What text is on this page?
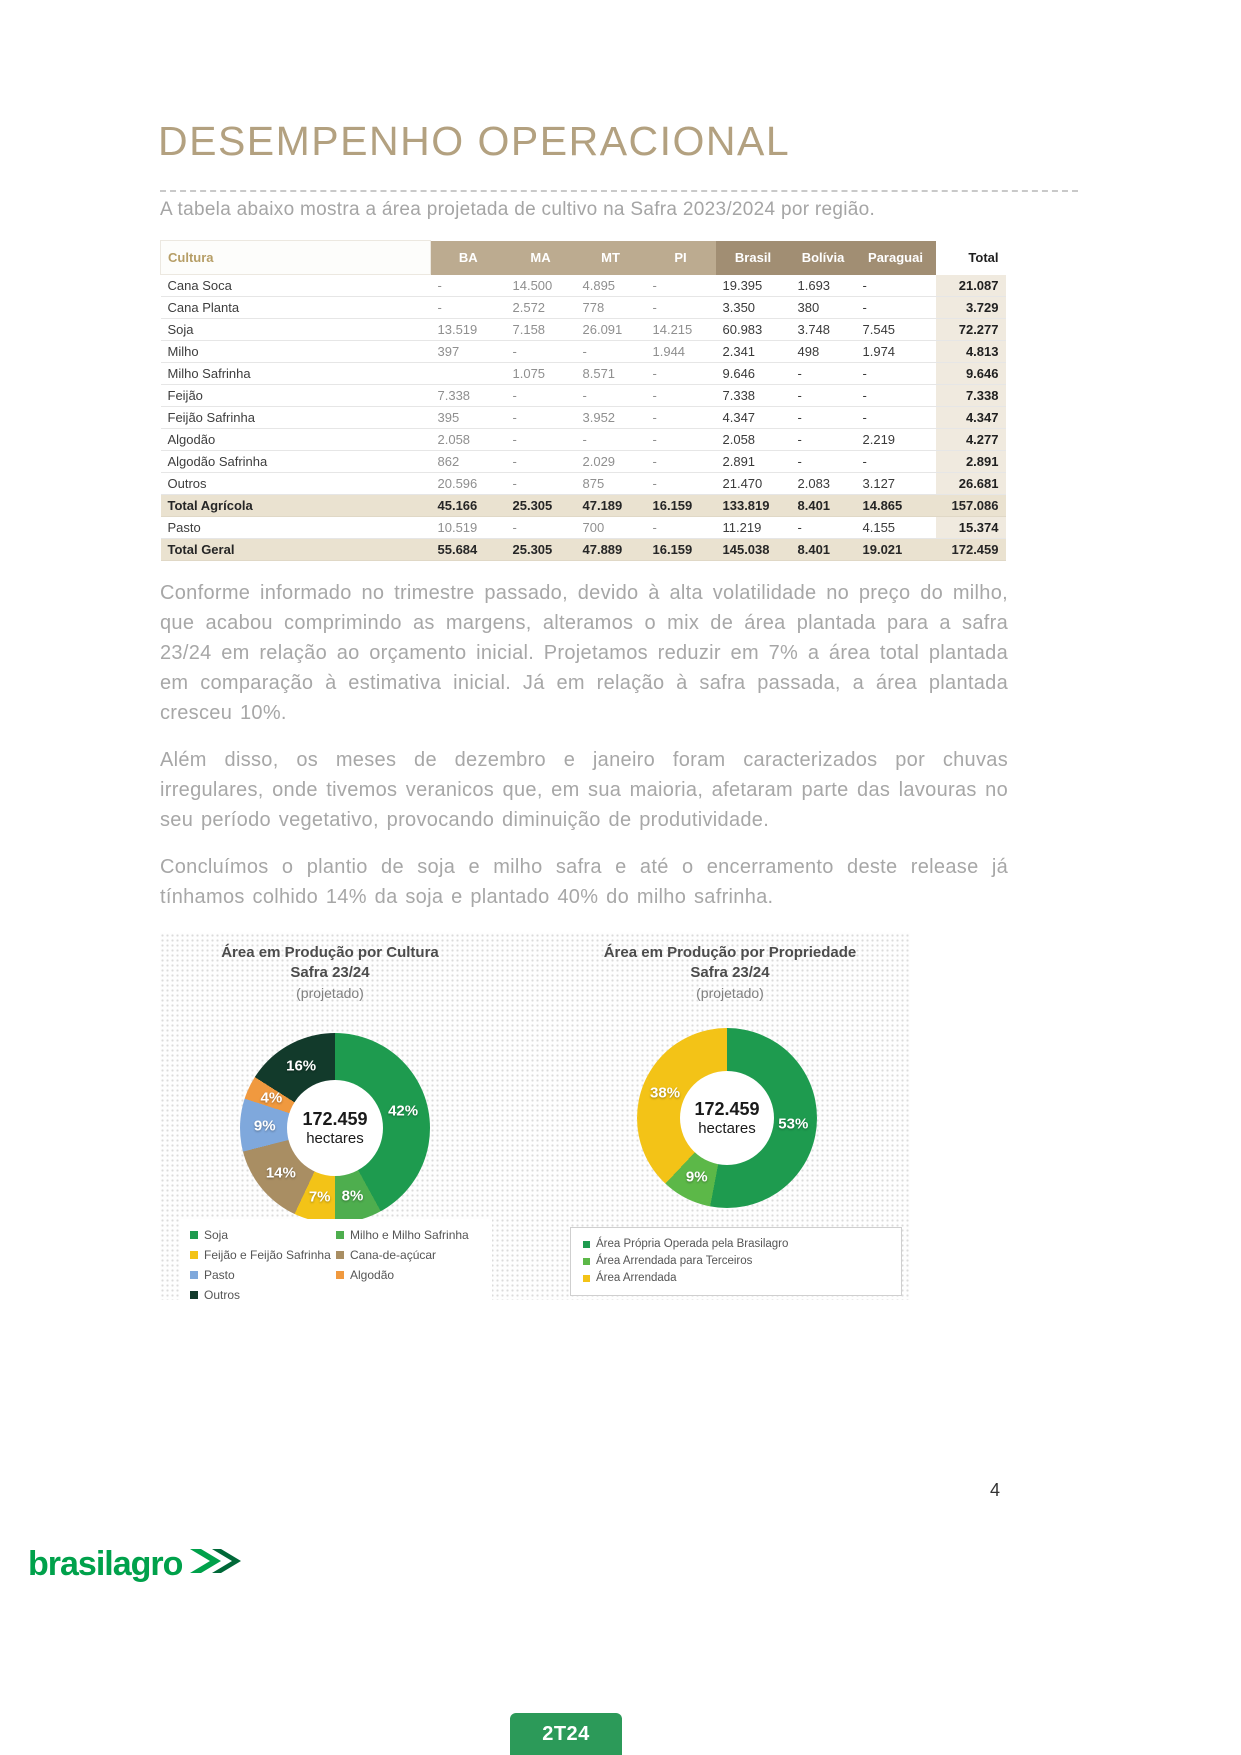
DESEMPENHO OPERACIONAL
A tabela abaixo mostra a área projetada de cultivo na Safra 2023/2024 por região.
Cultura	BA	MA	MT	PI	Brasil	Bolívia	Paraguai	Total
Cana Soca	-	14.500	4.895	-	19.395	1.693	-	21.087
Cana Planta	-	2.572	778	-	3.350	380	-	3.729
Soja	13.519	7.158	26.091	14.215	60.983	3.748	7.545	72.277
Milho	397	-	-	1.944	2.341	498	1.974	4.813
Milho Safrinha		1.075	8.571	-	9.646	-	-	9.646
Feijão	7.338	-	-	-	7.338	-	-	7.338
Feijão Safrinha	395	-	3.952	-	4.347	-	-	4.347
Algodão	2.058	-	-	-	2.058	-	2.219	4.277
Algodão Safrinha	862	-	2.029	-	2.891	-	-	2.891
Outros	20.596	-	875	-	21.470	2.083	3.127	26.681
Total Agrícola	45.166	25.305	47.189	16.159	133.819	8.401	14.865	157.086
Pasto	10.519	-	700	-	11.219	-	4.155	15.374
Total Geral	55.684	25.305	47.889	16.159	145.038	8.401	19.021	172.459

Conforme informado no trimestre passado, devido à alta volatilidade no preço do milho, que acabou comprimindo as margens, alteramos o mix de área plantada para a safra 23/24 em relação ao orçamento inicial. Projetamos reduzir em 7% a área total plantada em comparação à estimativa inicial. Já em relação à safra passada, a área plantada cresceu 10%.

Além disso, os meses de dezembro e janeiro foram caracterizados por chuvas irregulares, onde tivemos veranicos que, em sua maioria, afetaram parte das lavouras no seu período vegetativo, provocando diminuição de produtividade.

Concluímos o plantio de soja e milho safra e até o encerramento deste release já tínhamos colhido 14% da soja e plantado 40% do milho safrinha.

Área em Produção por Cultura
Safra 23/24
(projetado)
Área em Produção por Propriedade
Safra 23/24
(projetado)
172.459
hectares
42%
8%
7%
14%
9%
4%
16%
172.459
hectares 53%
9%
38%
Soja
Feijão e Feijão Safrinha
Pasto
Outros
Milho e Milho Safrinha
Cana-de-açúcar
Algodão
Área Própria Operada pela Brasilagro
Área Arrendada para Terceiros
Área Arrendada
4
brasilagro
2T24
